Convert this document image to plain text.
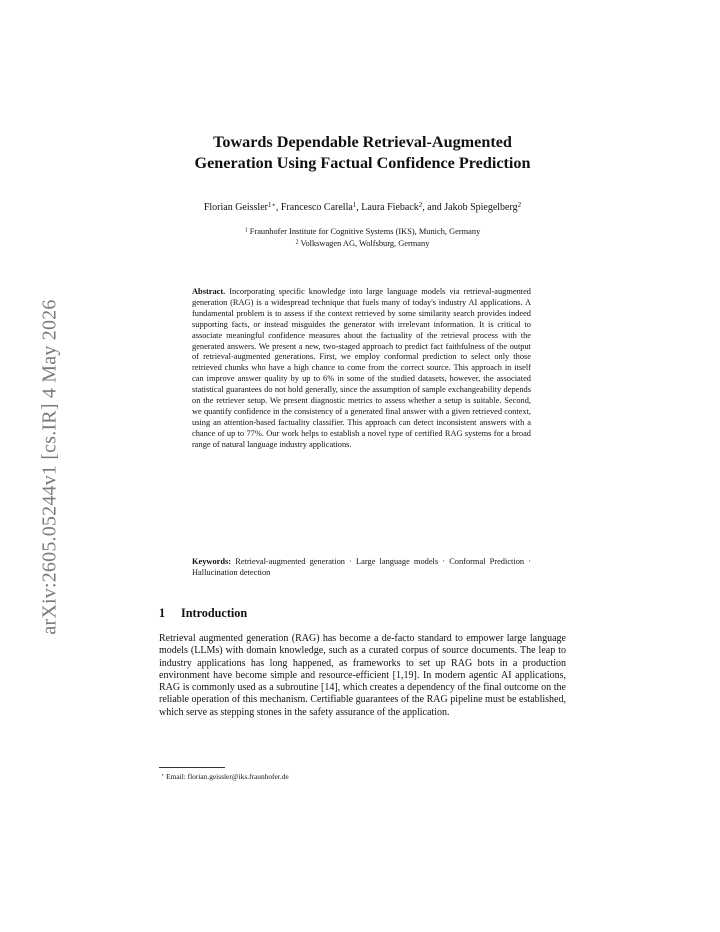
arXiv:2605.05244v1 [cs.IR] 4 May 2026
Towards Dependable Retrieval-Augmented
Generation Using Factual Confidence Prediction
Florian Geissler$^{1⋆}$, Francesco Carella$^1$, Laura Fieback$^2$, and Jakob Spiegelberg$^2$
$^1$ Fraunhofer Institute for Cognitive Systems (IKS), Munich, Germany
$^2$ Volkswagen AG, Wolfsburg, Germany
Abstract. Incorporating specific knowledge into large language models via retrieval-augmented generation (RAG) is a widespread technique that fuels many of today's industry AI applications. A fundamental problem is to assess if the context retrieved by some similarity search provides indeed supporting facts, or instead misguides the generator with irrelevant information. It is critical to associate meaningful confidence measures about the factuality of the retrieval process with the generated answers. We present a new, two-staged approach to predict fact faithfulness of the output of retrieval-augmented generations. First, we employ conformal prediction to select only those retrieved chunks who have a high chance to come from the correct source. This approach in itself can improve answer quality by up to 6% in some of the studied datasets, however, the associated statistical guarantees do not hold generally, since the assumption of sample exchangeability depends on the retriever setup. We present diagnostic metrics to assess whether a setup is suitable. Second, we quantify confidence in the consistency of a generated final answer with a given retrieved context, using an attention-based factuality classifier. This approach can detect inconsistent answers with a chance of up to 77%. Our work helps to establish a novel type of certified RAG systems for a broad range of natural language industry applications.
Keywords: Retrieval-augmented generation · Large language models · Conformal Prediction · Hallucination detection
1 Introduction
Retrieval augmented generation (RAG) has become a de-facto standard to empower large language models (LLMs) with domain knowledge, such as a curated corpus of source documents. The leap to industry applications has long happened, as frameworks to set up RAG bots in a production environment have become simple and resource-efficient [1,19]. In modern agentic AI applications, RAG is commonly used as a subroutine [14], which creates a dependency of the final outcome on the reliable operation of this mechanism. Certifiable guarantees of the RAG pipeline must be established, which serve as stepping stones in the safety assurance of the application.
⋆ Email: florian.geissler@iks.fraunhofer.de
